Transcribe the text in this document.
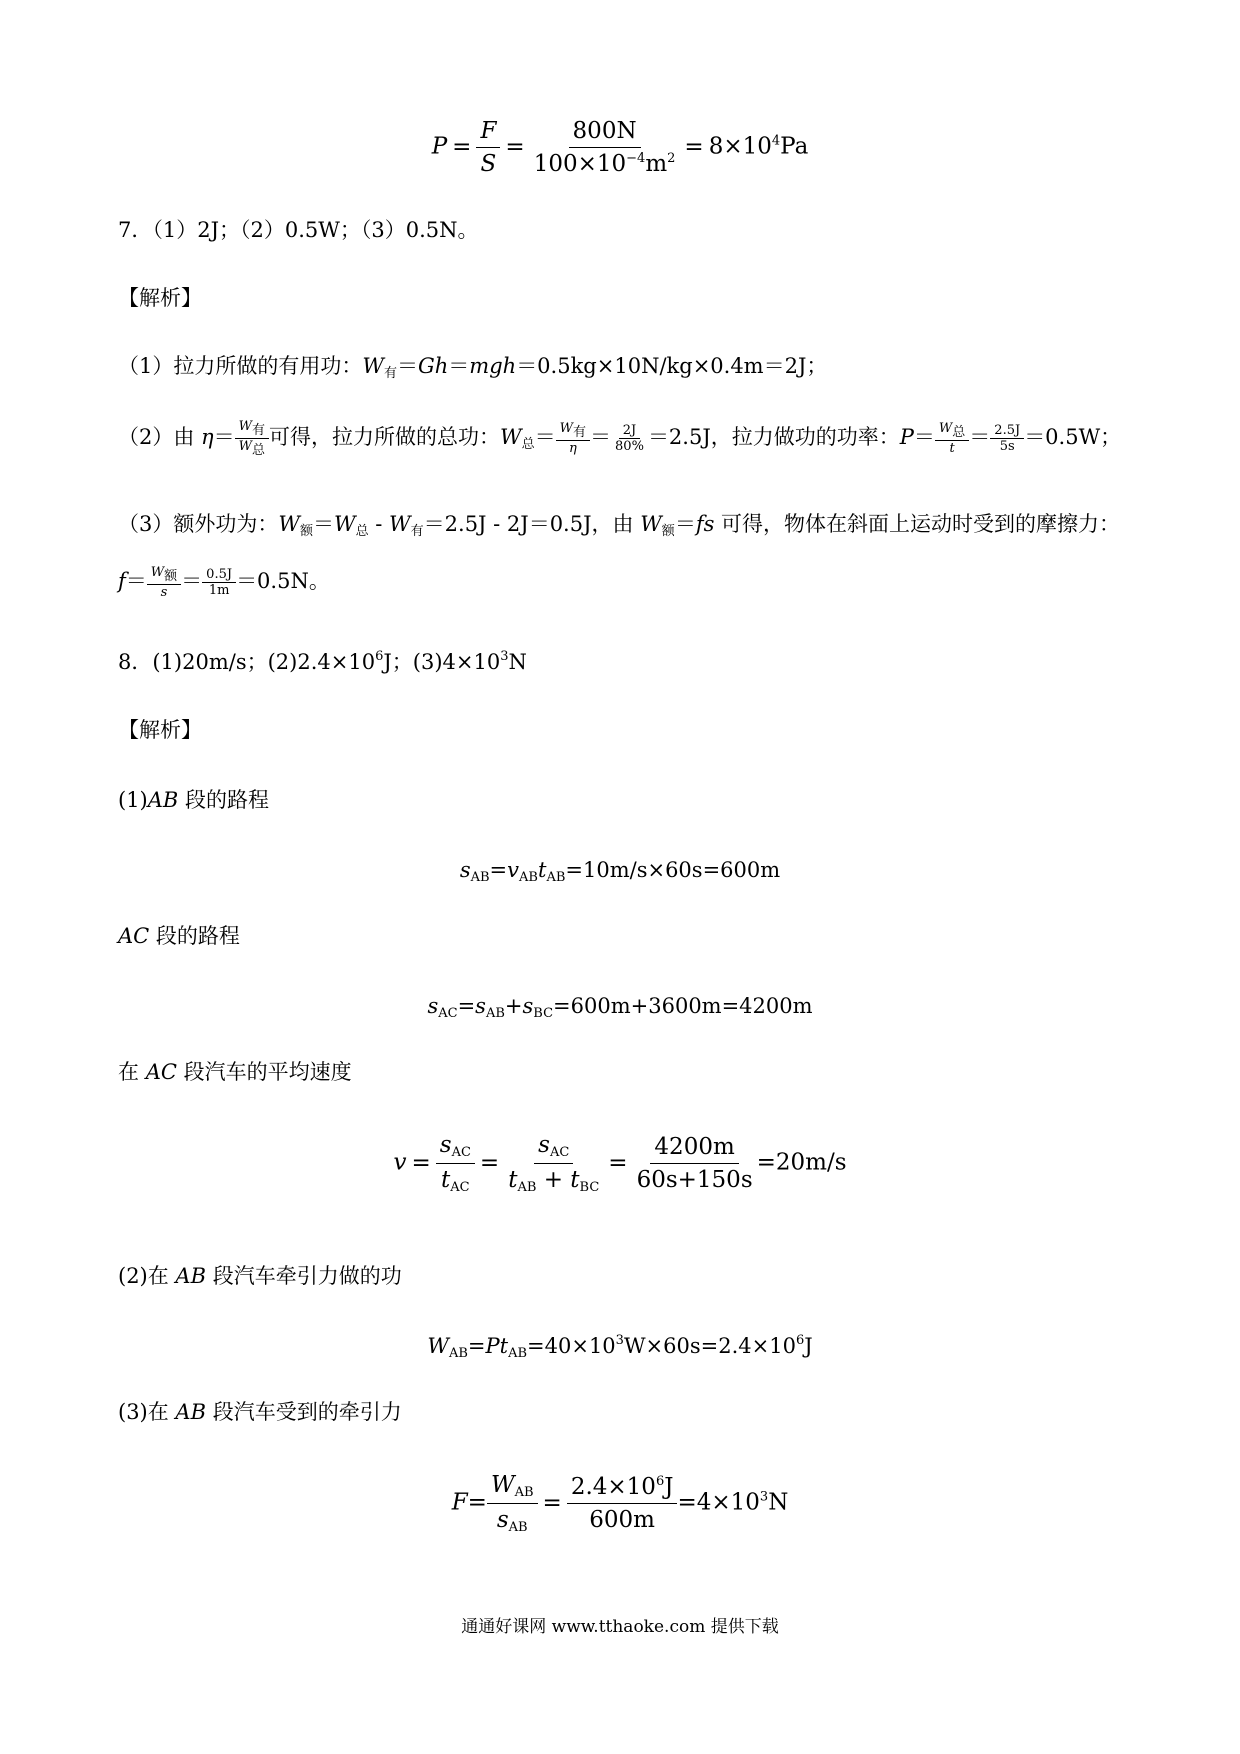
$P = \frac{F}{S} = \frac{800N}{100\times 10^{-4}m^2} = 8\times 10^4Pa$
7．（1）2J；（2）0.5W；（3）0.5N。
【解析】
（1）拉力所做的有用功：$W_有=Gh=mgh=0.5kg\times 10N/kg\times 0.4m=2J$；
（2）由 $\eta= \frac{W_有}{W_总}$ 可得，拉力所做的总功：$W_总= \frac{W_有}{\eta} = \frac{2J}{80\%} =2.5J$，拉力做功的功率：$P= \frac{W_总}{t} = \frac{2.5J}{5s} =0.5W$；
（3）额外功为：$W_额=W_总 - W_有=2.5J - 2J=0.5J$，由 $W_额=fs$ 可得，物体在斜面上运动时受到的摩擦力：
$f= \frac{W_额}{s} = \frac{0.5J}{1m} =0.5N$。
8．(1)20m/s；$(2)2.4\times 10^6J$；$(3)4\times 10^3N$
【解析】
(1)AB 段的路程
$s_{AB}=v_{AB}t_{AB}=10m/s\times 60s=600m$
AC 段的路程
$s_{AC}=s_{AB}+s_{BC}=600m+3600m=4200m$
在 AC 段汽车的平均速度
$v = \frac{s_{AC}}{t_{AC}} = \frac{s_{AC}}{t_{AB} + t_{BC}} = \frac{4200m}{60s+150s} =20m/s$
(2)在 AB 段汽车牵引力做的功
$W_{AB}=Pt_{AB}=40\times 10^3W\times 60s=2.4\times 10^6J$
(3)在 AB 段汽车受到的牵引力
$F= \frac{W_{AB}}{s_{AB}} = \frac{2.4\times 10^6J}{600m} =4\times 10^3N$
通通好课网 www.tthaoke.com 提供下载
